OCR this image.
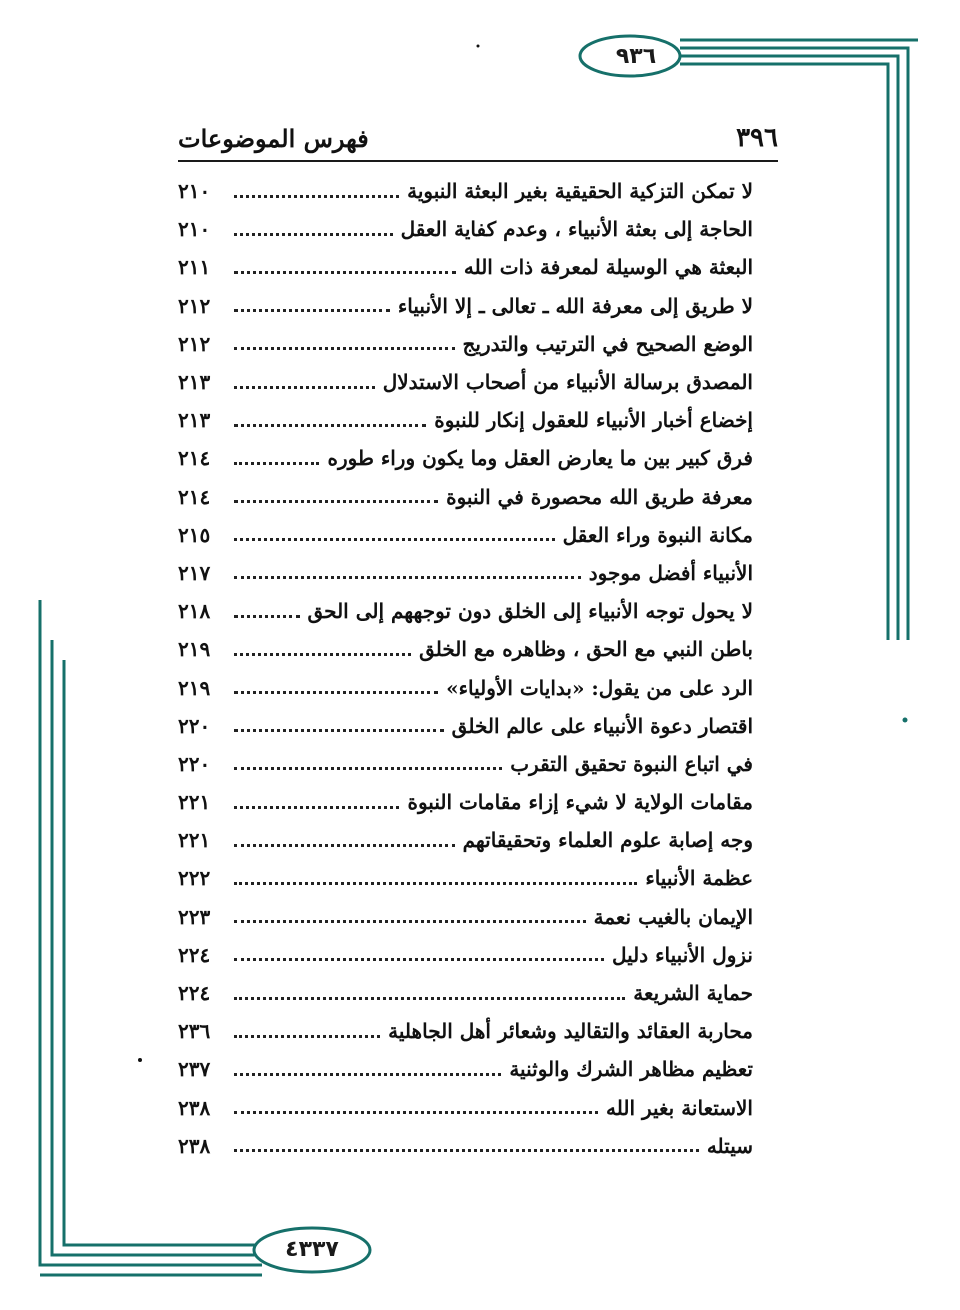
٩٣٦
٤٣٣٧
٣٩٦
فهرس الموضوعات
لا تمكن التزكية الحقيقية بغير البعثة النبوية
٢١٠
الحاجة إلى بعثة الأنبياء ، وعدم كفاية العقل
٢١٠
البعثة هي الوسيلة لمعرفة ذات الله
٢١١
لا طريق إلى معرفة الله ـ تعالى ـ إلا الأنبياء
٢١٢
الوضع الصحيح في الترتيب والتدريج
٢١٢
المصدق برسالة الأنبياء من أصحاب الاستدلال
٢١٣
إخضاع أخبار الأنبياء للعقول إنكار للنبوة
٢١٣
فرق كبير بين ما يعارض العقل وما يكون وراء طوره
٢١٤
معرفة طريق الله محصورة في النبوة
٢١٤
مكانة النبوة وراء العقل
٢١٥
الأنبياء أفضل موجود
٢١٧
لا يحول توجه الأنبياء إلى الخلق دون توجههم إلى الحق
٢١٨
باطن النبي مع الحق ، وظاهره مع الخلق
٢١٩
الرد على من يقول: «بدايات الأولياء»
٢١٩
اقتصار دعوة الأنبياء على عالم الخلق
٢٢٠
في اتباع النبوة تحقيق التقرب
٢٢٠
مقامات الولاية لا شيء إزاء مقامات النبوة
٢٢١
وجه إصابة علوم العلماء وتحقيقاتهم
٢٢١
عظمة الأنبياء
٢٢٢
الإيمان بالغيب نعمة
٢٢٣
نزول الأنبياء دليل
٢٢٤
حماية الشريعة
٢٢٤
محاربة العقائد والتقاليد وشعائر أهل الجاهلية
٢٣٦
تعظيم مظاهر الشرك والوثنية
٢٣٧
الاستعانة بغير الله
٢٣٨
سيتله
٢٣٨
